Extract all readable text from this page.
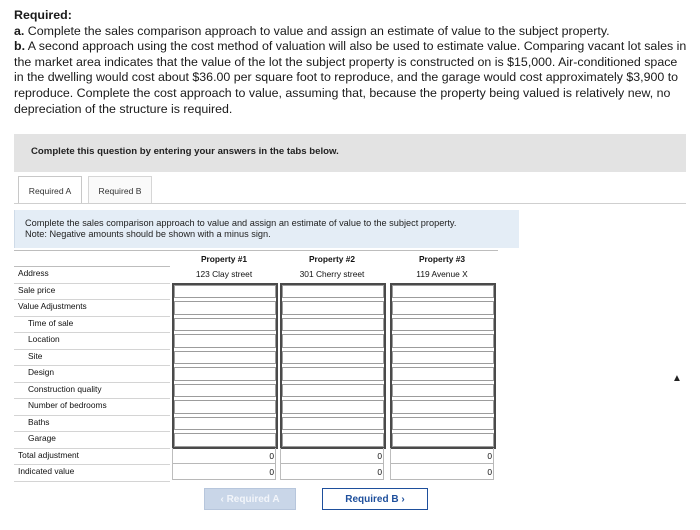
Required:
a. Complete the sales comparison approach to value and assign an estimate of value to the subject property.
b. A second approach using the cost method of valuation will also be used to estimate value. Comparing vacant lot sales in the market area indicates that the value of the lot the subject property is constructed on is $15,000. Air-conditioned space in the dwelling would cost about $36.00 per square foot to reproduce, and the garage would cost approximately $3,900 to reproduce. Complete the cost approach to value, assuming that, because the property being valued is relatively new, no depreciation of the structure is required.
Complete this question by entering your answers in the tabs below.
Required A	Required B
Complete the sales comparison approach to value and assign an estimate of value to the subject property.
Note: Negative amounts should be shown with a minus sign.
Property #1
123 Clay street
Property #2
301 Cherry street
Property #3
119 Avenue X
Address
Sale price
Value Adjustments
Time of sale
Location
Site
Design
Construction quality
Number of bedrooms
Baths
Garage
Total adjustment
Indicated value
0
0
0
0
0
0
‹ Required A	Required B ›
▲
